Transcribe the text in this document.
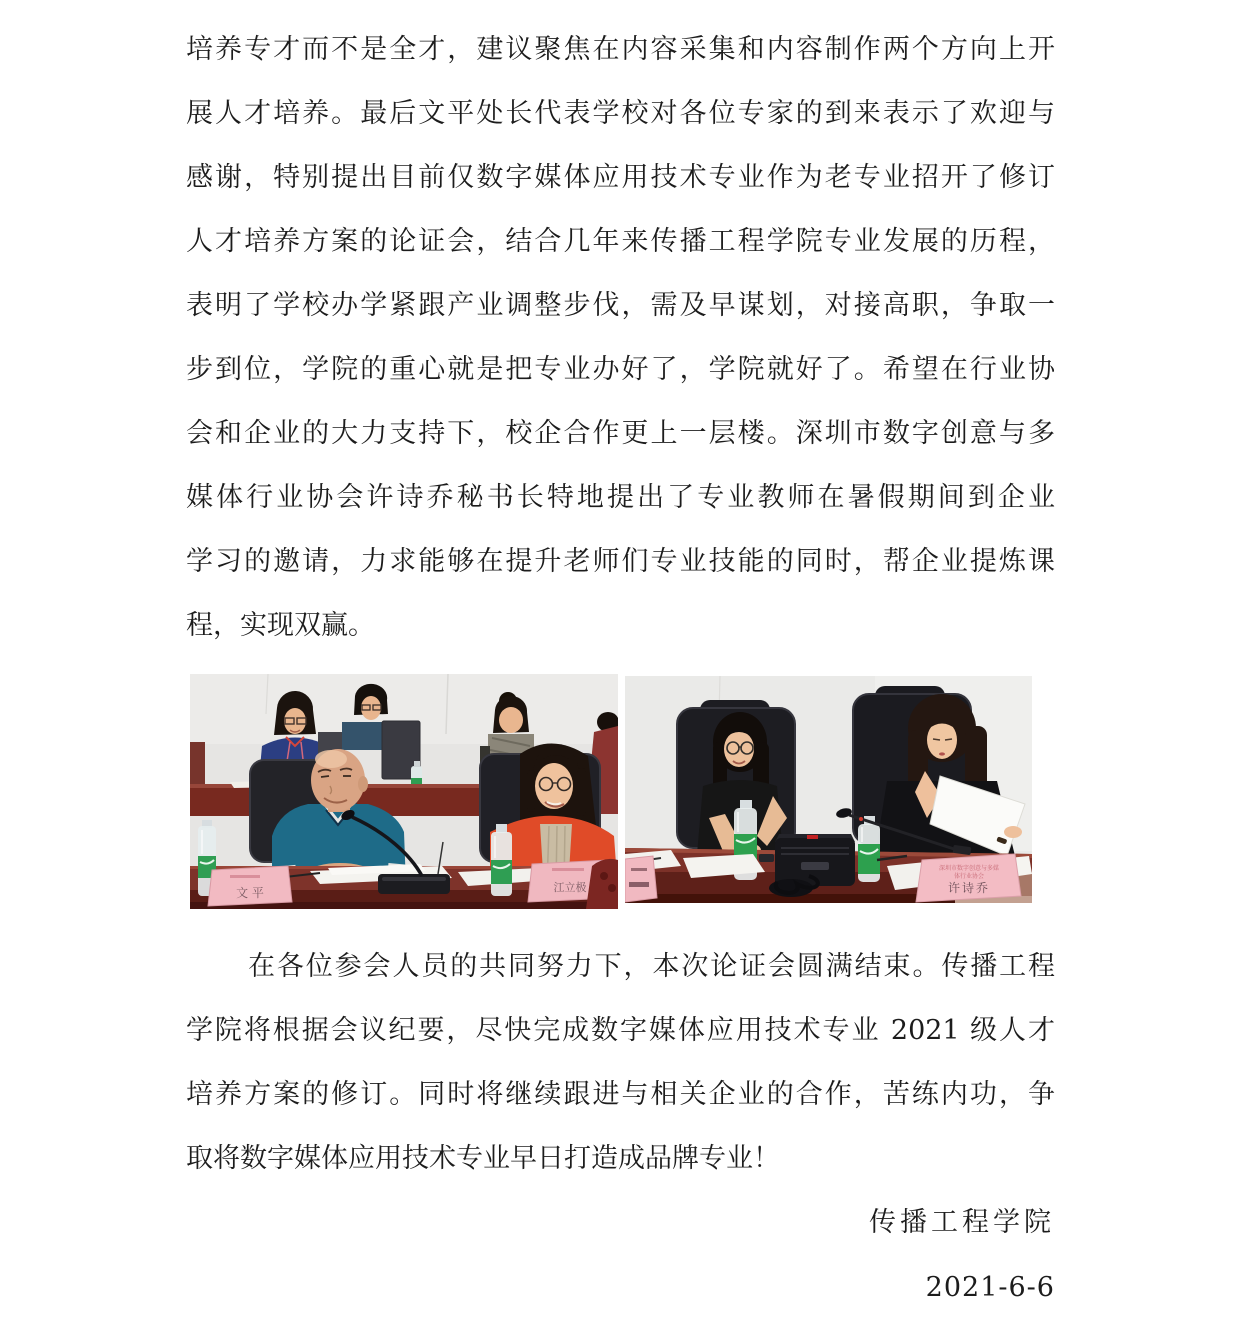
培养专才而不是全才，建议聚焦在内容采集和内容制作两个方向上开
展人才培养。最后文平处长代表学校对各位专家的到来表示了欢迎与
感谢，特别提出目前仅数字媒体应用技术专业作为老专业招开了修订
人才培养方案的论证会，结合几年来传播工程学院专业发展的历程，
表明了学校办学紧跟产业调整步伐，需及早谋划，对接高职，争取一
步到位，学院的重心就是把专业办好了，学院就好了。希望在行业协
会和企业的大力支持下，校企合作更上一层楼。深圳市数字创意与多
媒体行业协会许诗乔秘书长特地提出了专业教师在暑假期间到企业
学习的邀请，力求能够在提升老师们专业技能的同时，帮企业提炼课
程，实现双赢。
文 平	江立极
深圳市数字创意与多媒
体行业协会
许诗乔
在各位参会人员的共同努力下，本次论证会圆满结束。传播工程
学院将根据会议纪要，尽快完成数字媒体应用技术专业 2021 级人才
培养方案的修订。同时将继续跟进与相关企业的合作，苦练内功，争
取将数字媒体应用技术专业早日打造成品牌专业！
传播工程学院
2021-6-6
